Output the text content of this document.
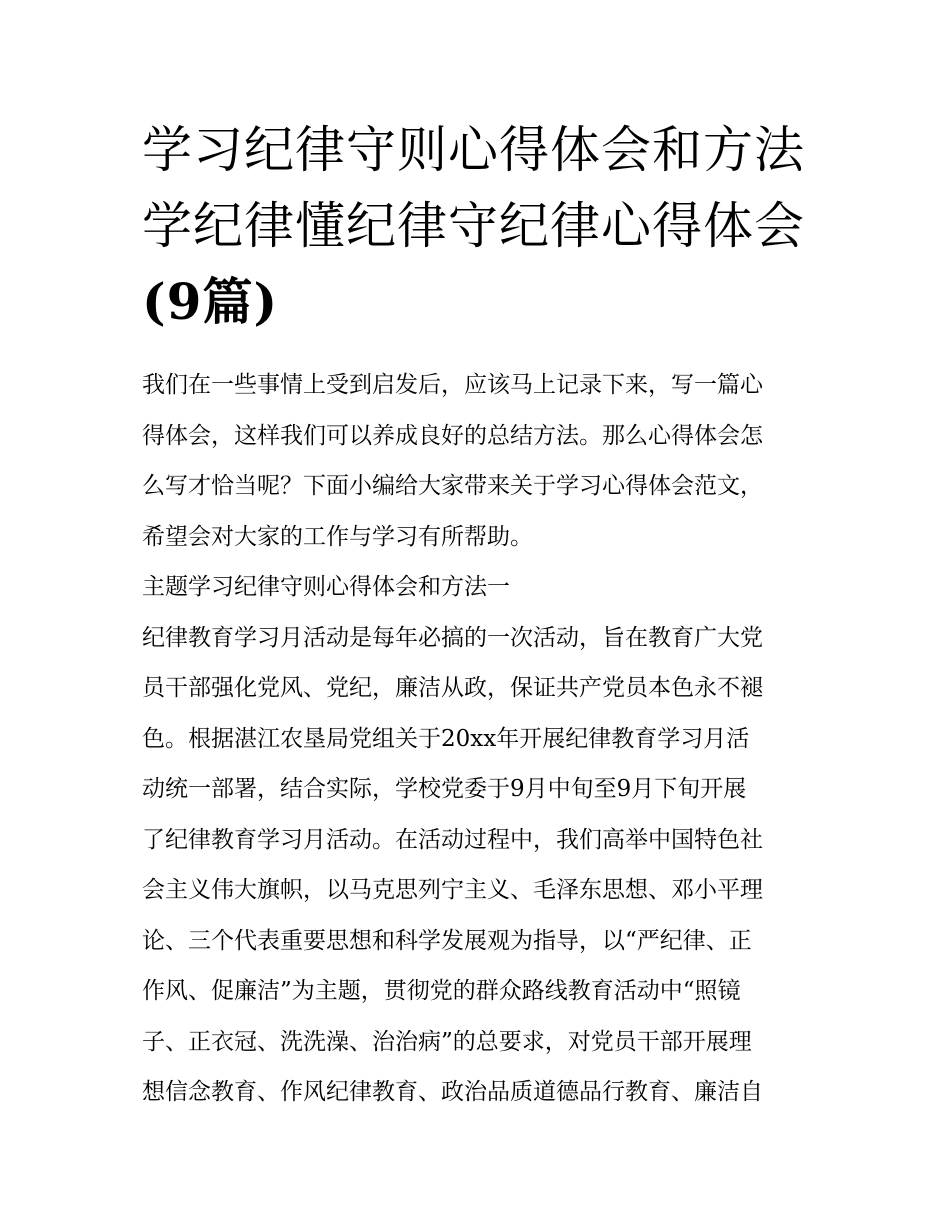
学习纪律守则心得体会和方法
学纪律懂纪律守纪律心得体会
(9篇)

我们在一些事情上受到启发后，应该马上记录下来，写一篇心
得体会，这样我们可以养成良好的总结方法。那么心得体会怎
么写才恰当呢？下面小编给大家带来关于学习心得体会范文，
希望会对大家的工作与学习有所帮助。

主题学习纪律守则心得体会和方法一

纪律教育学习月活动是每年必搞的一次活动，旨在教育广大党
员干部强化党风、党纪，廉洁从政，保证共产党员本色永不褪
色。根据湛江农垦局党组关于20xx年开展纪律教育学习月活
动统一部署，结合实际，学校党委于9月中旬至9月下旬开展
了纪律教育学习月活动。在活动过程中，我们高举中国特色社
会主义伟大旗帜，以马克思列宁主义、毛泽东思想、邓小平理
论、三个代表重要思想和科学发展观为指导，以“严纪律、正
作风、促廉洁”为主题，贯彻党的群众路线教育活动中“照镜
子、正衣冠、洗洗澡、治治病”的总要求，对党员干部开展理
想信念教育、作风纪律教育、政治品质道德品行教育、廉洁自
